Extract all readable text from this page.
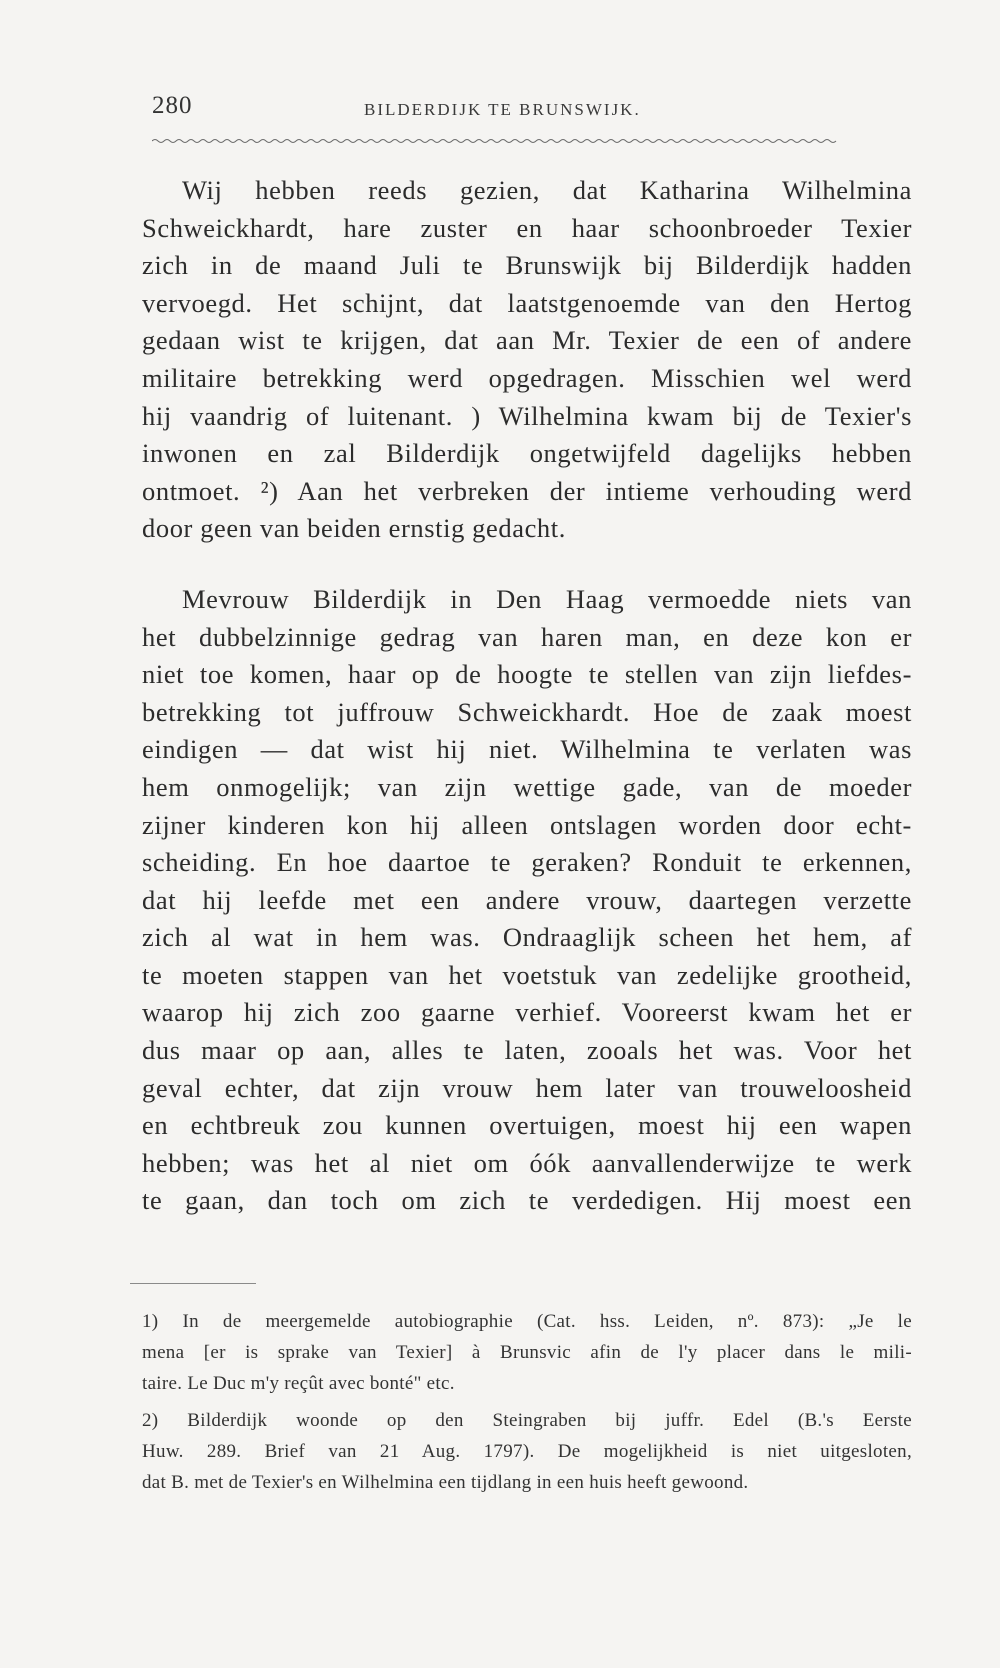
280	BILDERDIJK TE BRUNSWIJK.

Wij hebben reeds gezien, dat Katharina Wilhelmina
Schweickhardt, hare zuster en haar schoonbroeder Texier
zich in de maand Juli te Brunswijk bij Bilderdijk hadden
vervoegd. Het schijnt, dat laatstgenoemde van den Hertog
gedaan wist te krijgen, dat aan Mr. Texier de een of andere
militaire betrekking werd opgedragen. Misschien wel werd
hij vaandrig of luitenant. ) Wilhelmina kwam bij de Texier's
inwonen en zal Bilderdijk ongetwijfeld dagelijks hebben
ontmoet. ²) Aan het verbreken der intieme verhouding werd
door geen van beiden ernstig gedacht.

Mevrouw Bilderdijk in Den Haag vermoedde niets van
het dubbelzinnige gedrag van haren man, en deze kon er
niet toe komen, haar op de hoogte te stellen van zijn liefdes-
betrekking tot juffrouw Schweickhardt. Hoe de zaak moest
eindigen — dat wist hij niet. Wilhelmina te verlaten was
hem onmogelijk; van zijn wettige gade, van de moeder
zijner kinderen kon hij alleen ontslagen worden door echt-
scheiding. En hoe daartoe te geraken? Ronduit te erkennen,
dat hij leefde met een andere vrouw, daartegen verzette
zich al wat in hem was. Ondraaglijk scheen het hem, af
te moeten stappen van het voetstuk van zedelijke grootheid,
waarop hij zich zoo gaarne verhief. Vooreerst kwam het er
dus maar op aan, alles te laten, zooals het was. Voor het
geval echter, dat zijn vrouw hem later van trouweloosheid
en echtbreuk zou kunnen overtuigen, moest hij een wapen
hebben; was het al niet om óók aanvallenderwijze te werk
te gaan, dan toch om zich te verdedigen. Hij moest een

1) In de meergemelde autobiographie (Cat. hss. Leiden, nº. 873): „Je le
mena [er is sprake van Texier] à Brunsvic afin de l'y placer dans le mili-
taire. Le Duc m'y reçût avec bonté" etc.

2) Bilderdijk woonde op den Steingraben bij juffr. Edel (B.'s Eerste
Huw. 289. Brief van 21 Aug. 1797). De mogelijkheid is niet uitgesloten,
dat B. met de Texier's en Wilhelmina een tijdlang in een huis heeft gewoond.
